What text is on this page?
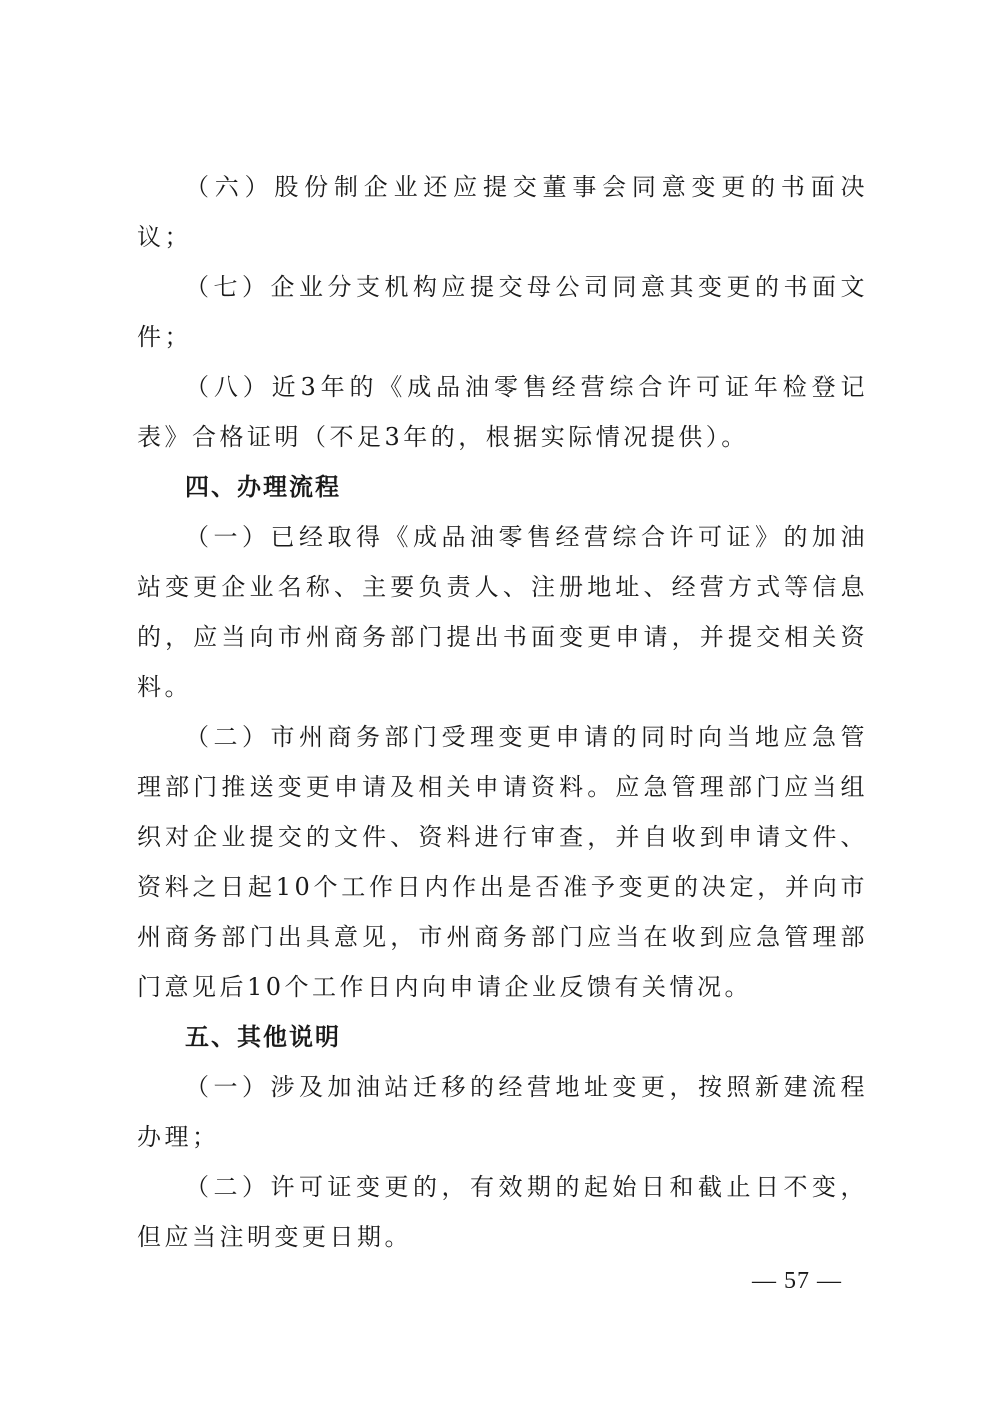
（六）股份制企业还应提交董事会同意变更的书面决议；

（七）企业分支机构应提交母公司同意其变更的书面文件；

（八）近3年的《成品油零售经营综合许可证年检登记表》合格证明（不足3年的，根据实际情况提供）。

四、办理流程

（一）已经取得《成品油零售经营综合许可证》的加油站变更企业名称、主要负责人、注册地址、经营方式等信息的，应当向市州商务部门提出书面变更申请，并提交相关资料。

（二）市州商务部门受理变更申请的同时向当地应急管理部门推送变更申请及相关申请资料。应急管理部门应当组织对企业提交的文件、资料进行审查，并自收到申请文件、资料之日起10个工作日内作出是否准予变更的决定，并向市州商务部门出具意见，市州商务部门应当在收到应急管理部门意见后10个工作日内向申请企业反馈有关情况。

五、其他说明

（一）涉及加油站迁移的经营地址变更，按照新建流程办理；

（二）许可证变更的，有效期的起始日和截止日不变，但应当注明变更日期。

— 57 —
